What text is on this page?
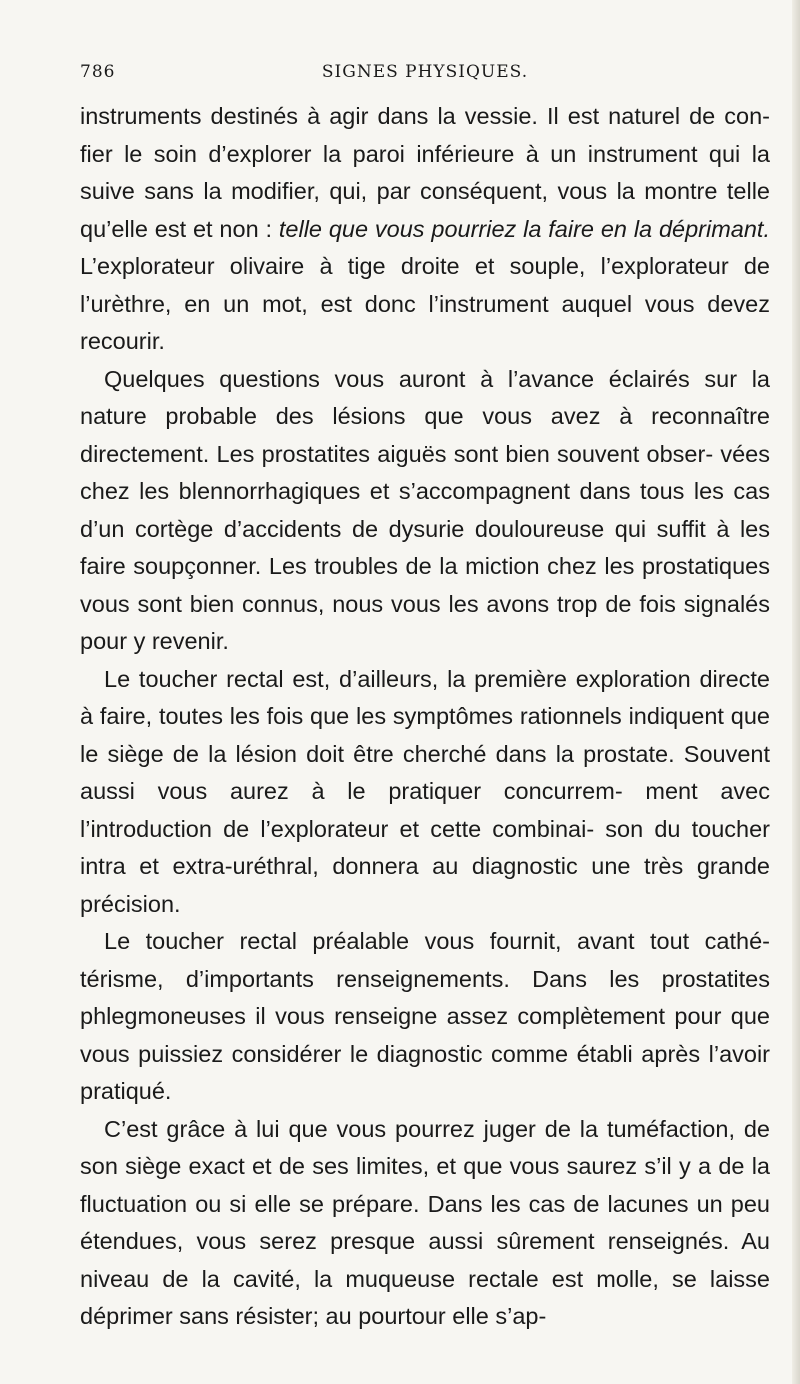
786	SIGNES PHYSIQUES.

instruments destinés à agir dans la vessie. Il est naturel de con- fier le soin d’explorer la paroi inférieure à un instrument qui la suive sans la modifier, qui, par conséquent, vous la montre telle qu’elle est et non : telle que vous pourriez la faire en la déprimant. L’explorateur olivaire à tige droite et souple, l’explorateur de l’urèthre, en un mot, est donc l’instrument auquel vous devez recourir.

Quelques questions vous auront à l’avance éclairés sur la nature probable des lésions que vous avez à reconnaître directement. Les prostatites aiguës sont bien souvent obser- vées chez les blennorrhagiques et s’accompagnent dans tous les cas d’un cortège d’accidents de dysurie douloureuse qui suffit à les faire soupçonner. Les troubles de la miction chez les prostatiques vous sont bien connus, nous vous les avons trop de fois signalés pour y revenir.

Le toucher rectal est, d’ailleurs, la première exploration directe à faire, toutes les fois que les symptômes rationnels indiquent que le siège de la lésion doit être cherché dans la prostate. Souvent aussi vous aurez à le pratiquer concurrem- ment avec l’introduction de l’explorateur et cette combinai- son du toucher intra et extra-uréthral, donnera au diagnostic une très grande précision.

Le toucher rectal préalable vous fournit, avant tout cathé- térisme, d’importants renseignements. Dans les prostatites phlegmoneuses il vous renseigne assez complètement pour que vous puissiez considérer le diagnostic comme établi après l’avoir pratiqué.

C’est grâce à lui que vous pourrez juger de la tuméfaction, de son siège exact et de ses limites, et que vous saurez s’il y a de la fluctuation ou si elle se prépare. Dans les cas de lacunes un peu étendues, vous serez presque aussi sûrement renseignés. Au niveau de la cavité, la muqueuse rectale est molle, se laisse déprimer sans résister; au pourtour elle s’ap-
